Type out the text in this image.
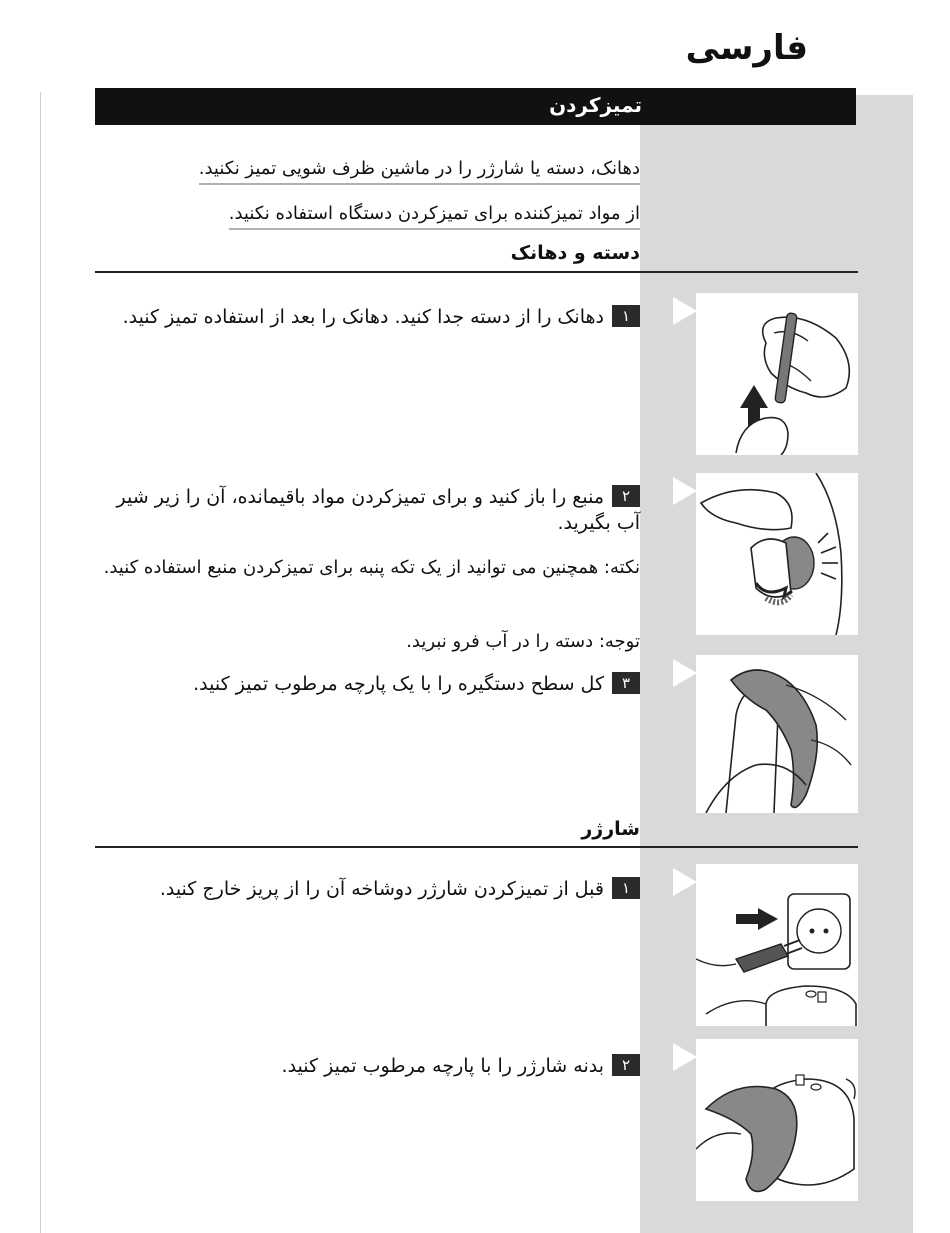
فارسی
تمیزکردن
دهانک، دسته یا شارژر را در ماشین ظرف شویی تمیز نکنید.
از مواد تمیزکننده برای تمیزکردن دستگاه استفاده نکنید.
دسته و دهانک
۱دهانک را از دسته جدا کنید. دهانک را بعد از استفاده تمیز کنید.
۲منبع را باز کنید و برای تمیزکردن مواد باقیمانده، آن را زیر شیر آب بگیرید.
نکته: همچنین می توانید از یک تکه پنبه برای تمیزکردن منبع استفاده کنید.
توجه: دسته را در آب فرو نبرید.
۳کل سطح دستگیره را با یک پارچه مرطوب تمیز کنید.
شارژر
۱قبل از تمیزکردن شارژر دوشاخه آن را از پریز خارج کنید.
۲بدنه شارژر را با پارچه مرطوب تمیز کنید.
